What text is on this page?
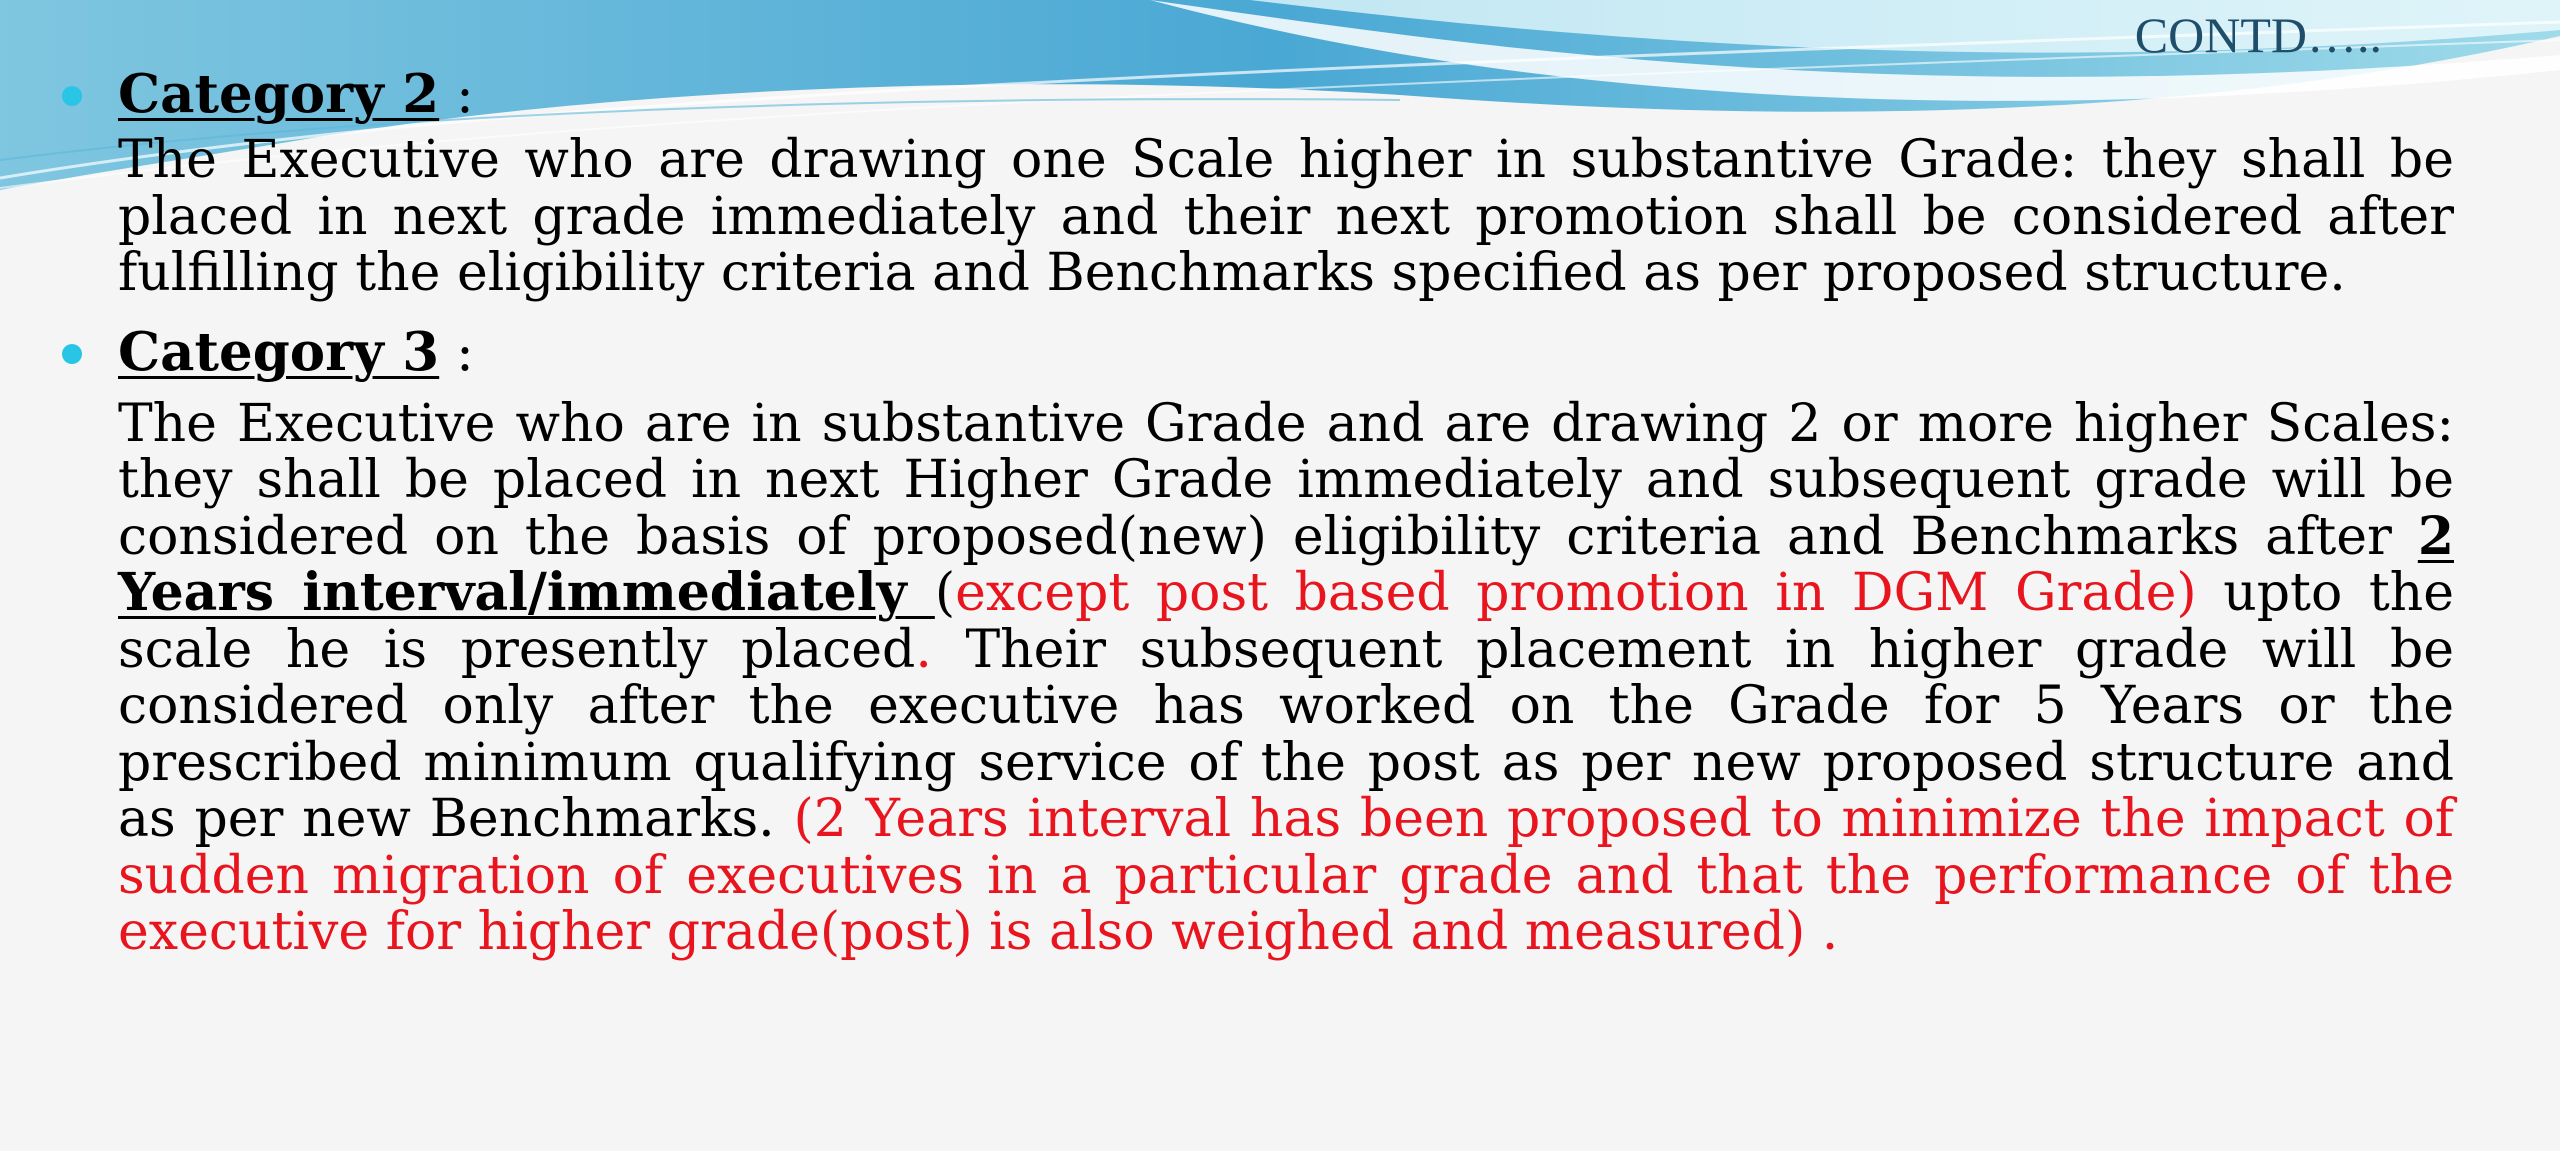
CONTD…..
Category 2 :

The Executive who are drawing one Scale higher in substantive Grade: they shall be placed in next grade immediately and their next promotion shall be considered after fulfilling the eligibility criteria and Benchmarks specified as per proposed structure.

Category 3 :

The Executive who are in substantive Grade and are drawing 2 or more higher Scales: they shall be placed in next Higher Grade immediately and subsequent grade will be considered on the basis of proposed(new) eligibility criteria and Benchmarks after 2 Years interval/immediately (except post based promotion in DGM Grade) upto the scale he is presently placed. Their subsequent placement in higher grade will be considered only after the executive has worked on the Grade for 5 Years or the prescribed minimum qualifying service of the post as per new proposed structure and as per new Benchmarks. (2 Years interval has been proposed to minimize the impact of sudden migration of executives in a particular grade and that the performance of the executive for higher grade(post) is also weighed and measured) .
